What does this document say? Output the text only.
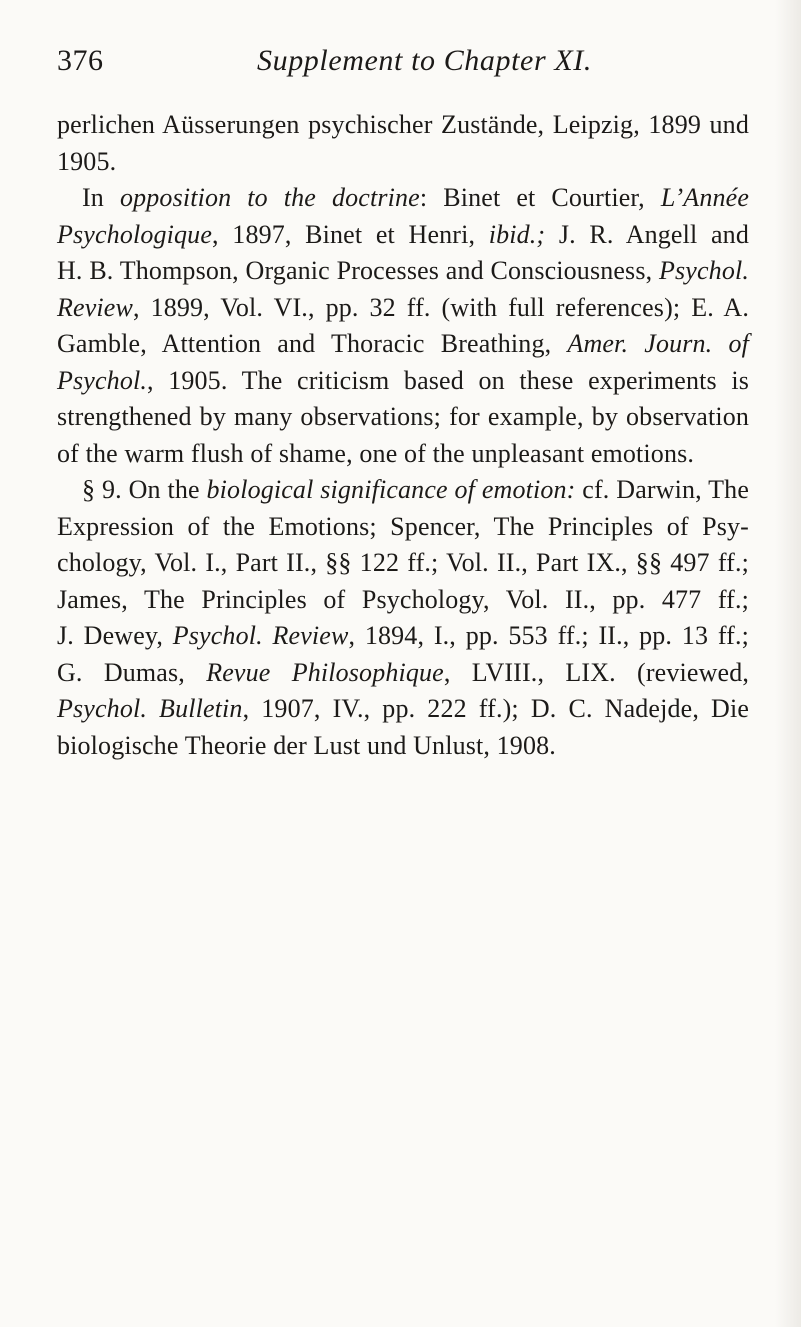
376	Supplement to Chapter XI.
perlichen Aüsserungen psychischer Zustände, Leipzig, 1899 und
1905.
In opposition to the doctrine: Binet et Courtier, L’Année
Psychologique, 1897, Binet et Henri, ibid.; J. R. Angell and
H. B. Thompson, Organic Processes and Consciousness, Psychol.
Review, 1899, Vol. VI., pp. 32 ff. (with full references); E. A.
Gamble, Attention and Thoracic Breathing, Amer. Journ. of
Psychol., 1905. The criticism based on these experiments is
strengthened by many observations; for example, by observation
of the warm flush of shame, one of the unpleasant emotions.
§ 9. On the biological significance of emotion: cf. Darwin, The
Expression of the Emotions; Spencer, The Principles of Psy-
chology, Vol. I., Part II., §§ 122 ff.; Vol. II., Part IX., §§ 497 ff.;
James, The Principles of Psychology, Vol. II., pp. 477 ff.;
J. Dewey, Psychol. Review, 1894, I., pp. 553 ff.; II., pp. 13 ff.;
G. Dumas, Revue Philosophique, LVIII., LIX. (reviewed,
Psychol. Bulletin, 1907, IV., pp. 222 ff.); D. C. Nadejde, Die
biologische Theorie der Lust und Unlust, 1908.
